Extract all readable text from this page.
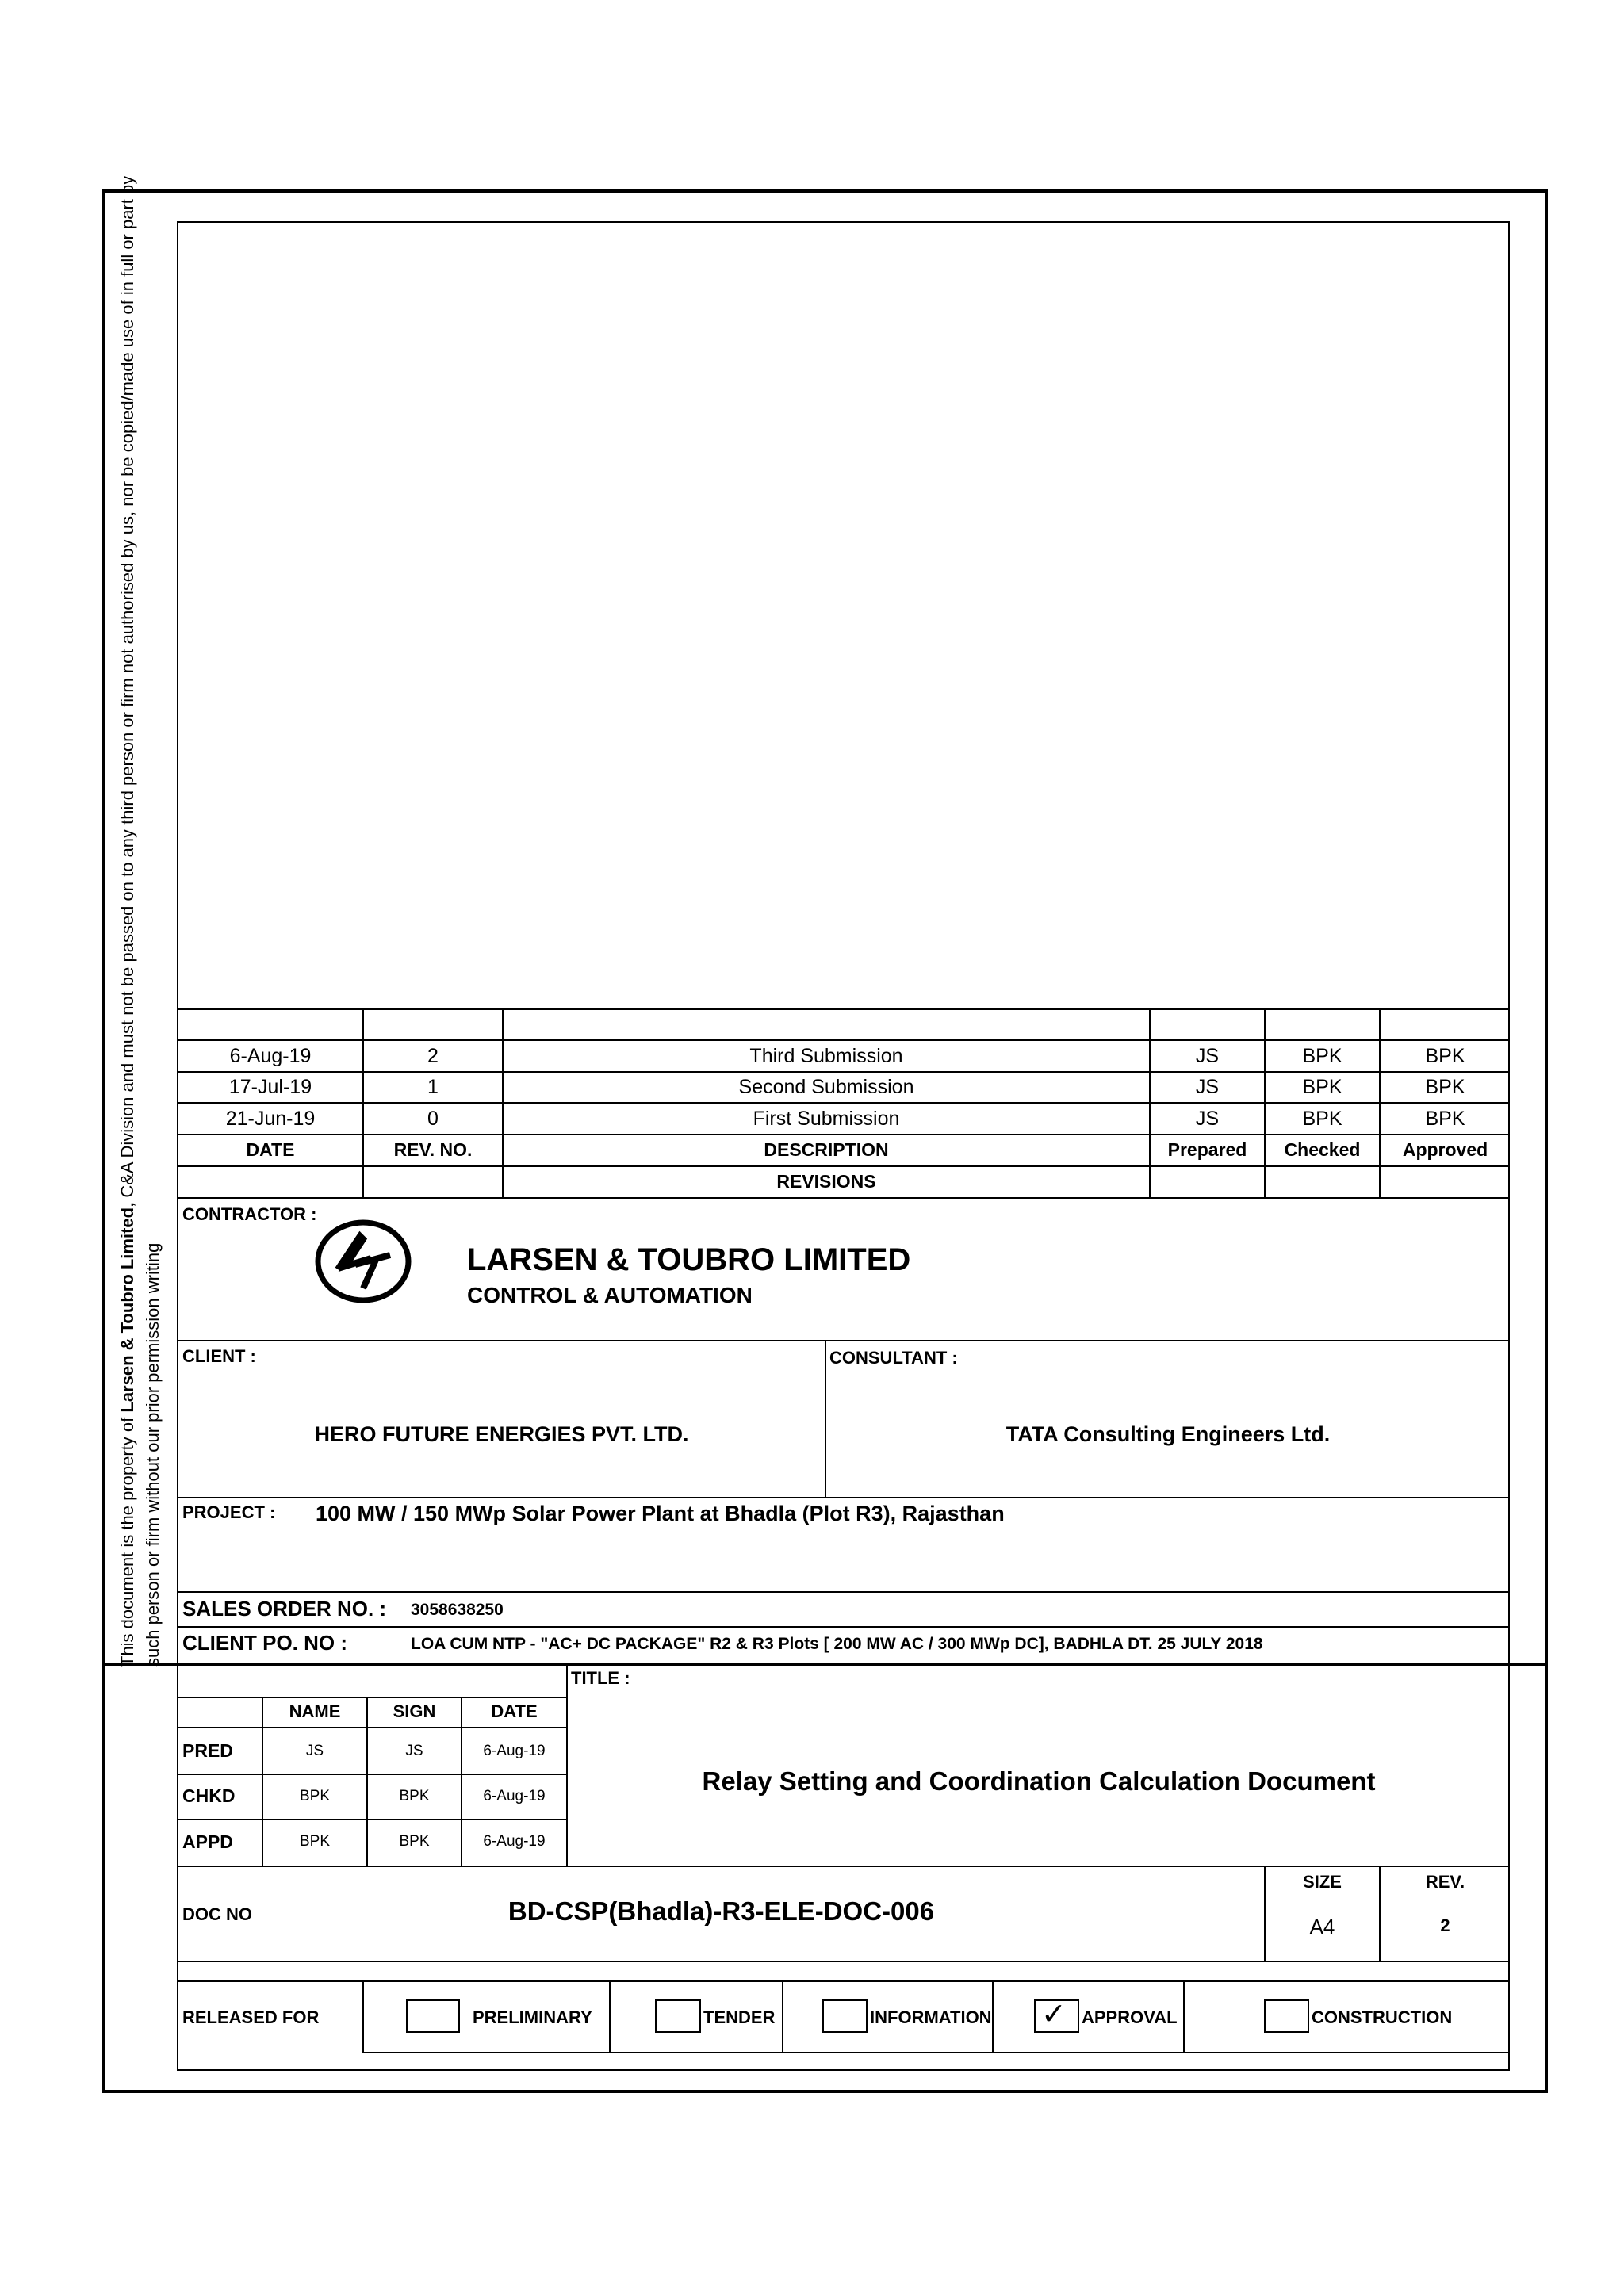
This document is the property of Larsen & Toubro Limited, C&A Division and must not be passed on to any third person or firm not authorised by us, nor be copied/made use of in full or part by
such person or firm without our prior permission writing
6-Aug-19	2	Third Submission	JS	BPK	BPK
17-Jul-19	1	Second Submission	JS	BPK	BPK
21-Jun-19	0	First Submission	JS	BPK	BPK
DATE	REV. NO.	DESCRIPTION	Prepared	Checked	Approved
REVISIONS
CONTRACTOR :
LARSEN & TOUBRO LIMITED
CONTROL & AUTOMATION
CLIENT :
HERO FUTURE ENERGIES PVT. LTD.
CONSULTANT :
TATA Consulting Engineers Ltd.
PROJECT : 100 MW / 150 MWp Solar Power Plant at Bhadla (Plot R3), Rajasthan
SALES ORDER NO. : 3058638250
CLIENT PO. NO :	LOA CUM NTP - "AC+ DC PACKAGE" R2 & R3 Plots [ 200 MW AC / 300 MWp DC], BADHLA DT. 25 JULY 2018
NAME	SIGN	DATE
PRED	JS	JS	6-Aug-19
CHKD	BPK	BPK	6-Aug-19
APPD	BPK	BPK	6-Aug-19
TITLE :
Relay Setting and Coordination Calculation Document
DOC NO	BD-CSP(Bhadla)-R3-ELE-DOC-006
SIZE
A4
REV.
2
RELEASED FOR	PRELIMINARY	TENDER	INFORMATION ✓ APPROVAL	CONSTRUCTION
